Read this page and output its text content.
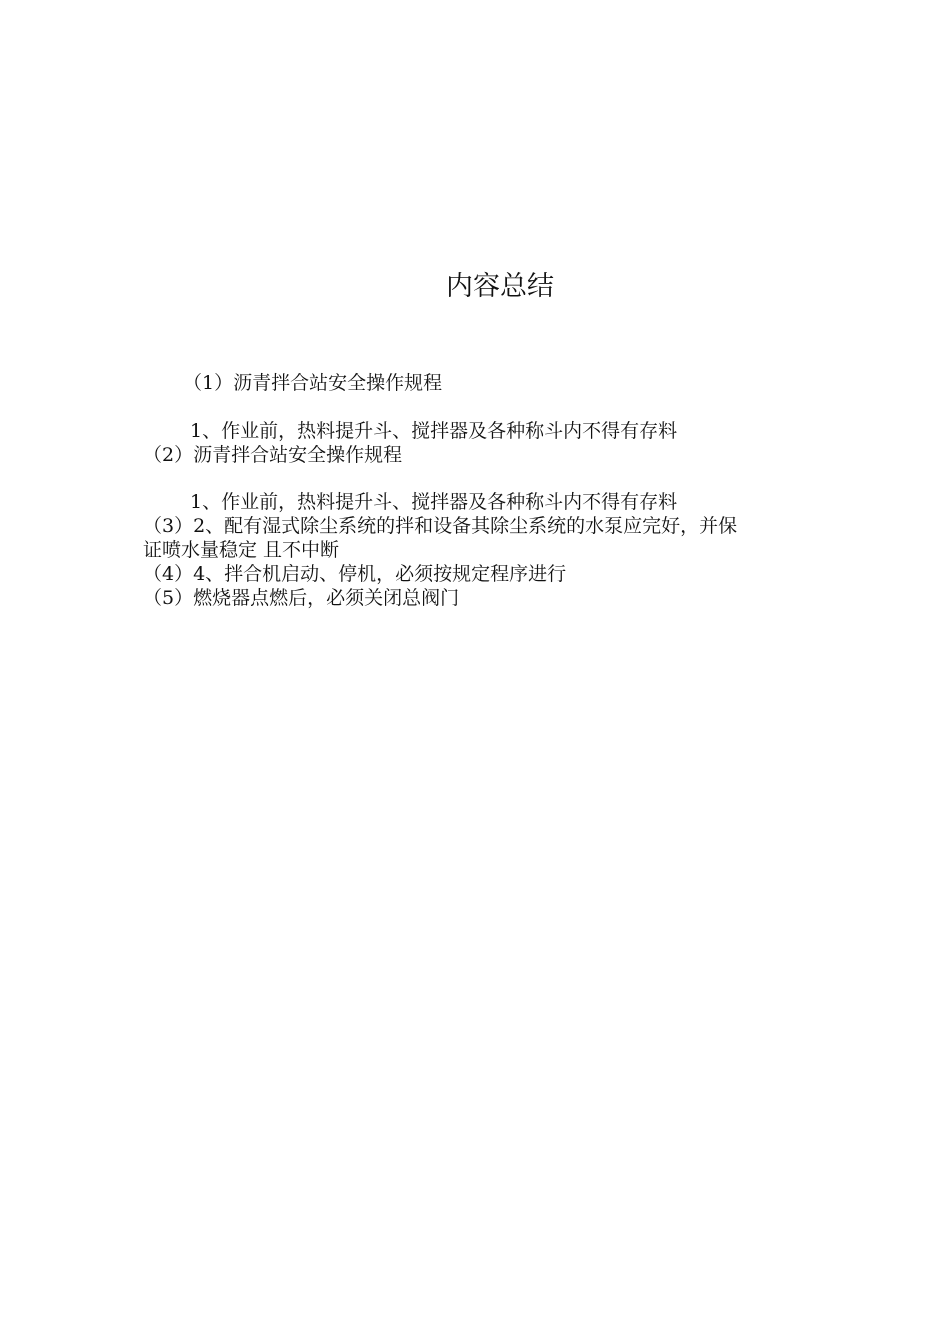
内容总结
（1）沥青拌合站安全操作规程
1、作业前，热料提升斗、搅拌器及各种称斗内不得有存料
（2）沥青拌合站安全操作规程
1、作业前，热料提升斗、搅拌器及各种称斗内不得有存料
（3）2、配有湿式除尘系统的拌和设备其除尘系统的水泵应完好，并保
证喷水量稳定 且不中断
（4）4、拌合机启动、停机，必须按规定程序进行
（5）燃烧器点燃后，必须关闭总阀门
